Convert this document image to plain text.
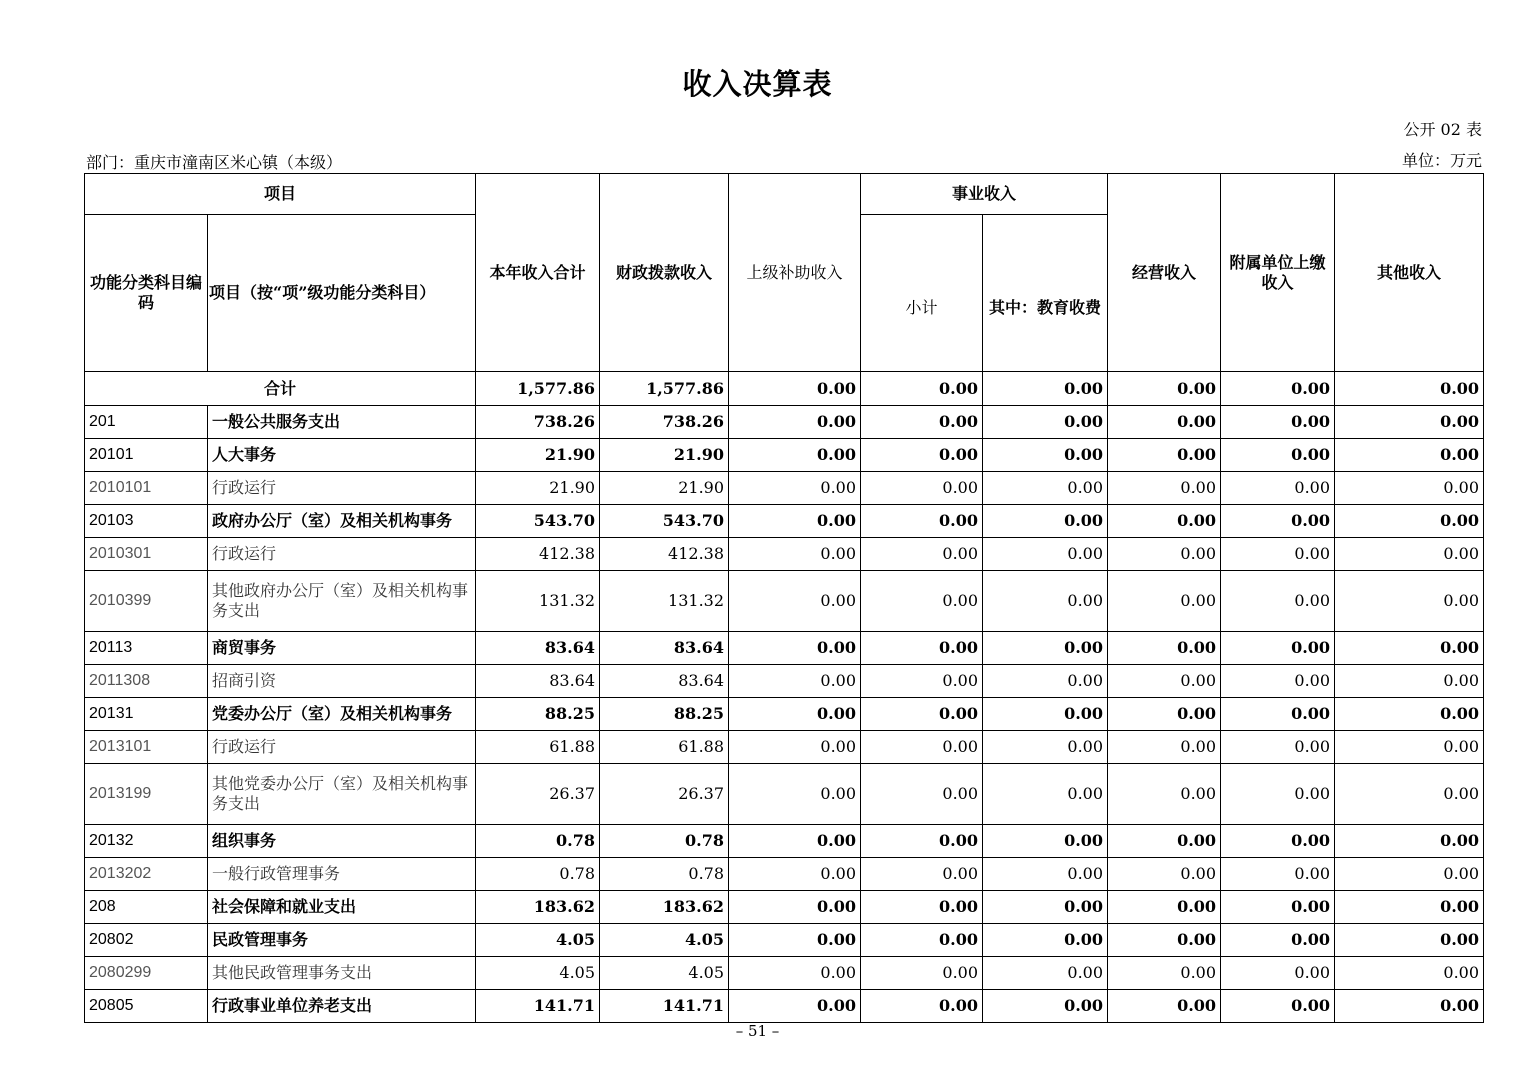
收入决算表
公开 02 表
部门：重庆市潼南区米心镇（本级）	单位：万元
项目		本年收入合计	财政拨款收入	上级补助收入	事业收入		经营收入	附属单位上缴收入	其他收入
功能分类科目编码	项目（按“项”级功能分类科目）				小计	其中：教育收费			
合计		1,577.86	1,577.86	0.00	0.00	0.00	0.00	0.00	0.00
201	一般公共服务支出	738.26	738.26	0.00	0.00	0.00	0.00	0.00	0.00
20101	人大事务	21.90	21.90	0.00	0.00	0.00	0.00	0.00	0.00
2010101	行政运行	21.90	21.90	0.00	0.00	0.00	0.00	0.00	0.00
20103	政府办公厅（室）及相关机构事务	543.70	543.70	0.00	0.00	0.00	0.00	0.00	0.00
2010301	行政运行	412.38	412.38	0.00	0.00	0.00	0.00	0.00	0.00
2010399	其他政府办公厅（室）及相关机构事务支出	131.32	131.32	0.00	0.00	0.00	0.00	0.00	0.00
20113	商贸事务	83.64	83.64	0.00	0.00	0.00	0.00	0.00	0.00
2011308	招商引资	83.64	83.64	0.00	0.00	0.00	0.00	0.00	0.00
20131	党委办公厅（室）及相关机构事务	88.25	88.25	0.00	0.00	0.00	0.00	0.00	0.00
2013101	行政运行	61.88	61.88	0.00	0.00	0.00	0.00	0.00	0.00
2013199	其他党委办公厅（室）及相关机构事务支出	26.37	26.37	0.00	0.00	0.00	0.00	0.00	0.00
20132	组织事务	0.78	0.78	0.00	0.00	0.00	0.00	0.00	0.00
2013202	一般行政管理事务	0.78	0.78	0.00	0.00	0.00	0.00	0.00	0.00
208	社会保障和就业支出	183.62	183.62	0.00	0.00	0.00	0.00	0.00	0.00
20802	民政管理事务	4.05	4.05	0.00	0.00	0.00	0.00	0.00	0.00
2080299	其他民政管理事务支出	4.05	4.05	0.00	0.00	0.00	0.00	0.00	0.00
20805	行政事业单位养老支出	141.71	141.71	0.00	0.00	0.00	0.00	0.00	0.00
– 51 –
